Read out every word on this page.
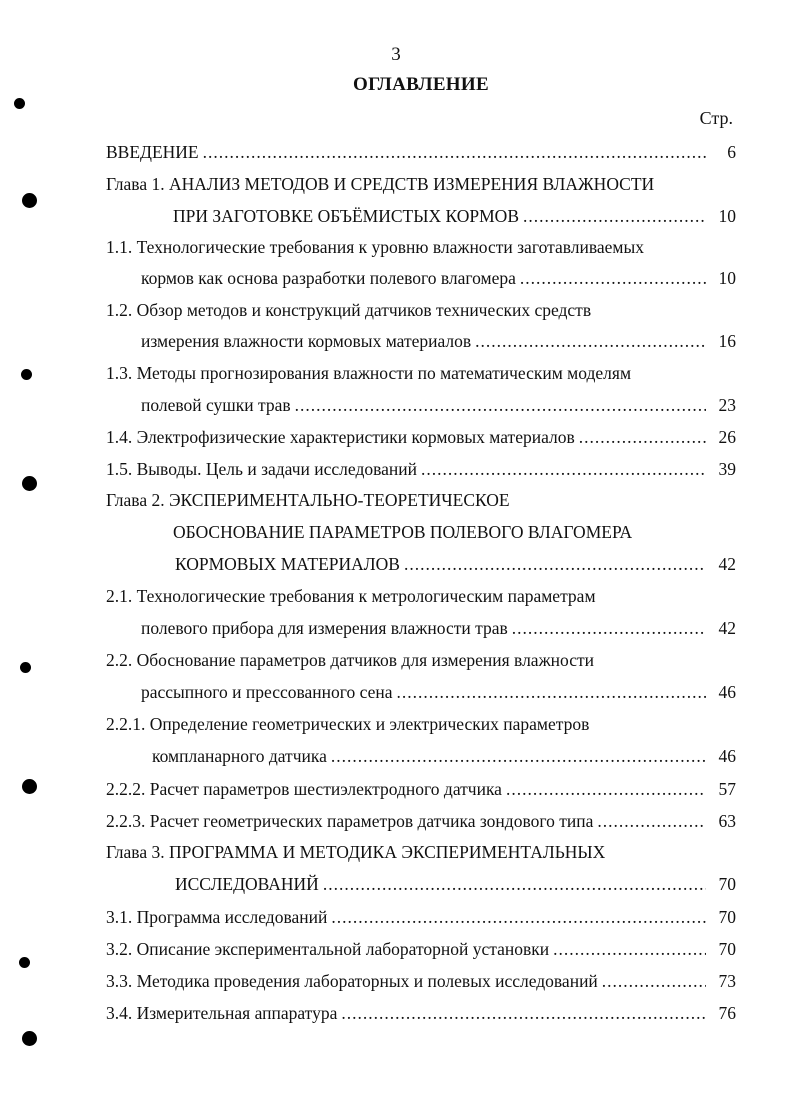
3
ОГЛАВЛЕНИЕ
Стр.
ВВЕДЕНИЕ .....	6
Глава 1. АНАЛИЗ МЕТОДОВ И СРЕДСТВ ИЗМЕРЕНИЯ ВЛАЖНОСТИ
ПРИ ЗАГОТОВКЕ ОБЪЁМИСТЫХ КОРМОВ .....	10
1.1. Технологические требования к уровню влажности заготавливаемых
кормов как основа разработки полевого влагомера .....	10
1.2. Обзор методов и конструкций датчиков технических средств
измерения влажности кормовых материалов .....	16
1.3. Методы прогнозирования влажности по математическим моделям
полевой сушки трав .....	23
1.4. Электрофизические характеристики кормовых материалов .....	26
1.5. Выводы. Цель и задачи исследований .....	39
Глава 2. ЭКСПЕРИМЕНТАЛЬНО-ТЕОРЕТИЧЕСКОЕ
ОБОСНОВАНИЕ ПАРАМЕТРОВ ПОЛЕВОГО ВЛАГОМЕРА
КОРМОВЫХ МАТЕРИАЛОВ .....	42
2.1. Технологические требования к метрологическим параметрам
полевого прибора для измерения влажности трав .....	42
2.2. Обоснование параметров датчиков для измерения влажности
рассыпного и прессованного сена .....	46
2.2.1. Определение геометрических и электрических параметров
компланарного датчика .....	46
2.2.2. Расчет параметров шестиэлектродного датчика .....	57
2.2.3. Расчет геометрических параметров датчика зондового типа .....	63
Глава 3. ПРОГРАММА И МЕТОДИКА ЭКСПЕРИМЕНТАЛЬНЫХ
ИССЛЕДОВАНИЙ .....	70
3.1. Программа исследований .....	70
3.2. Описание экспериментальной лабораторной установки .....	70
3.3. Методика проведения лабораторных и полевых исследований .....	73
3.4. Измерительная аппаратура .....	76
